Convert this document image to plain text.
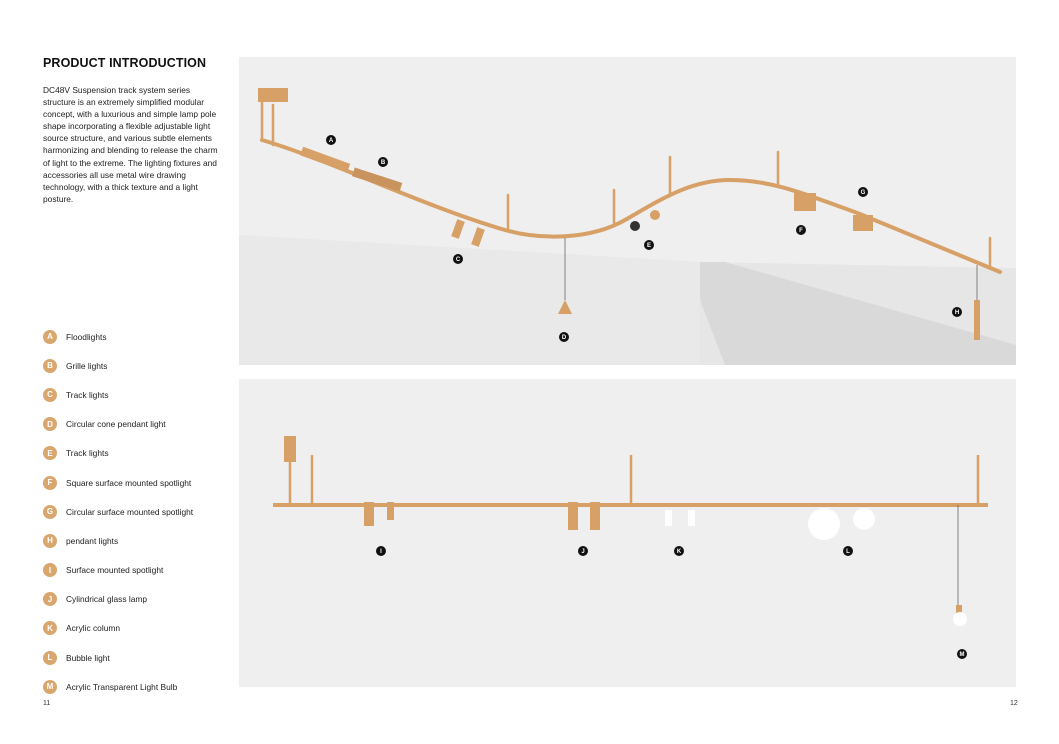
PRODUCT INTRODUCTION
DC48V Suspension track system series structure is an extremely simplified modular concept, with a luxurious and simple lamp pole shape incorporating a flexible adjustable light source structure, and various subtle elements harmonizing and blending to release the charm of light to the extreme. The lighting fixtures and accessories all use metal wire drawing technology, with a thick texture and a light posture.
A	Floodlights
B	Grille lights
C	Track lights
D	Circular cone pendant light
E	Track lights
F	Square surface mounted spotlight
G	Circular surface mounted spotlight
H	pendant lights
I	Surface mounted spotlight
J	Cylindrical glass lamp
K	Acrylic column
L	Bubble light
M	Acrylic Transparent Light Bulb
A
B
C
D
E
F
G
H
I	J	K	L
M
11	12
